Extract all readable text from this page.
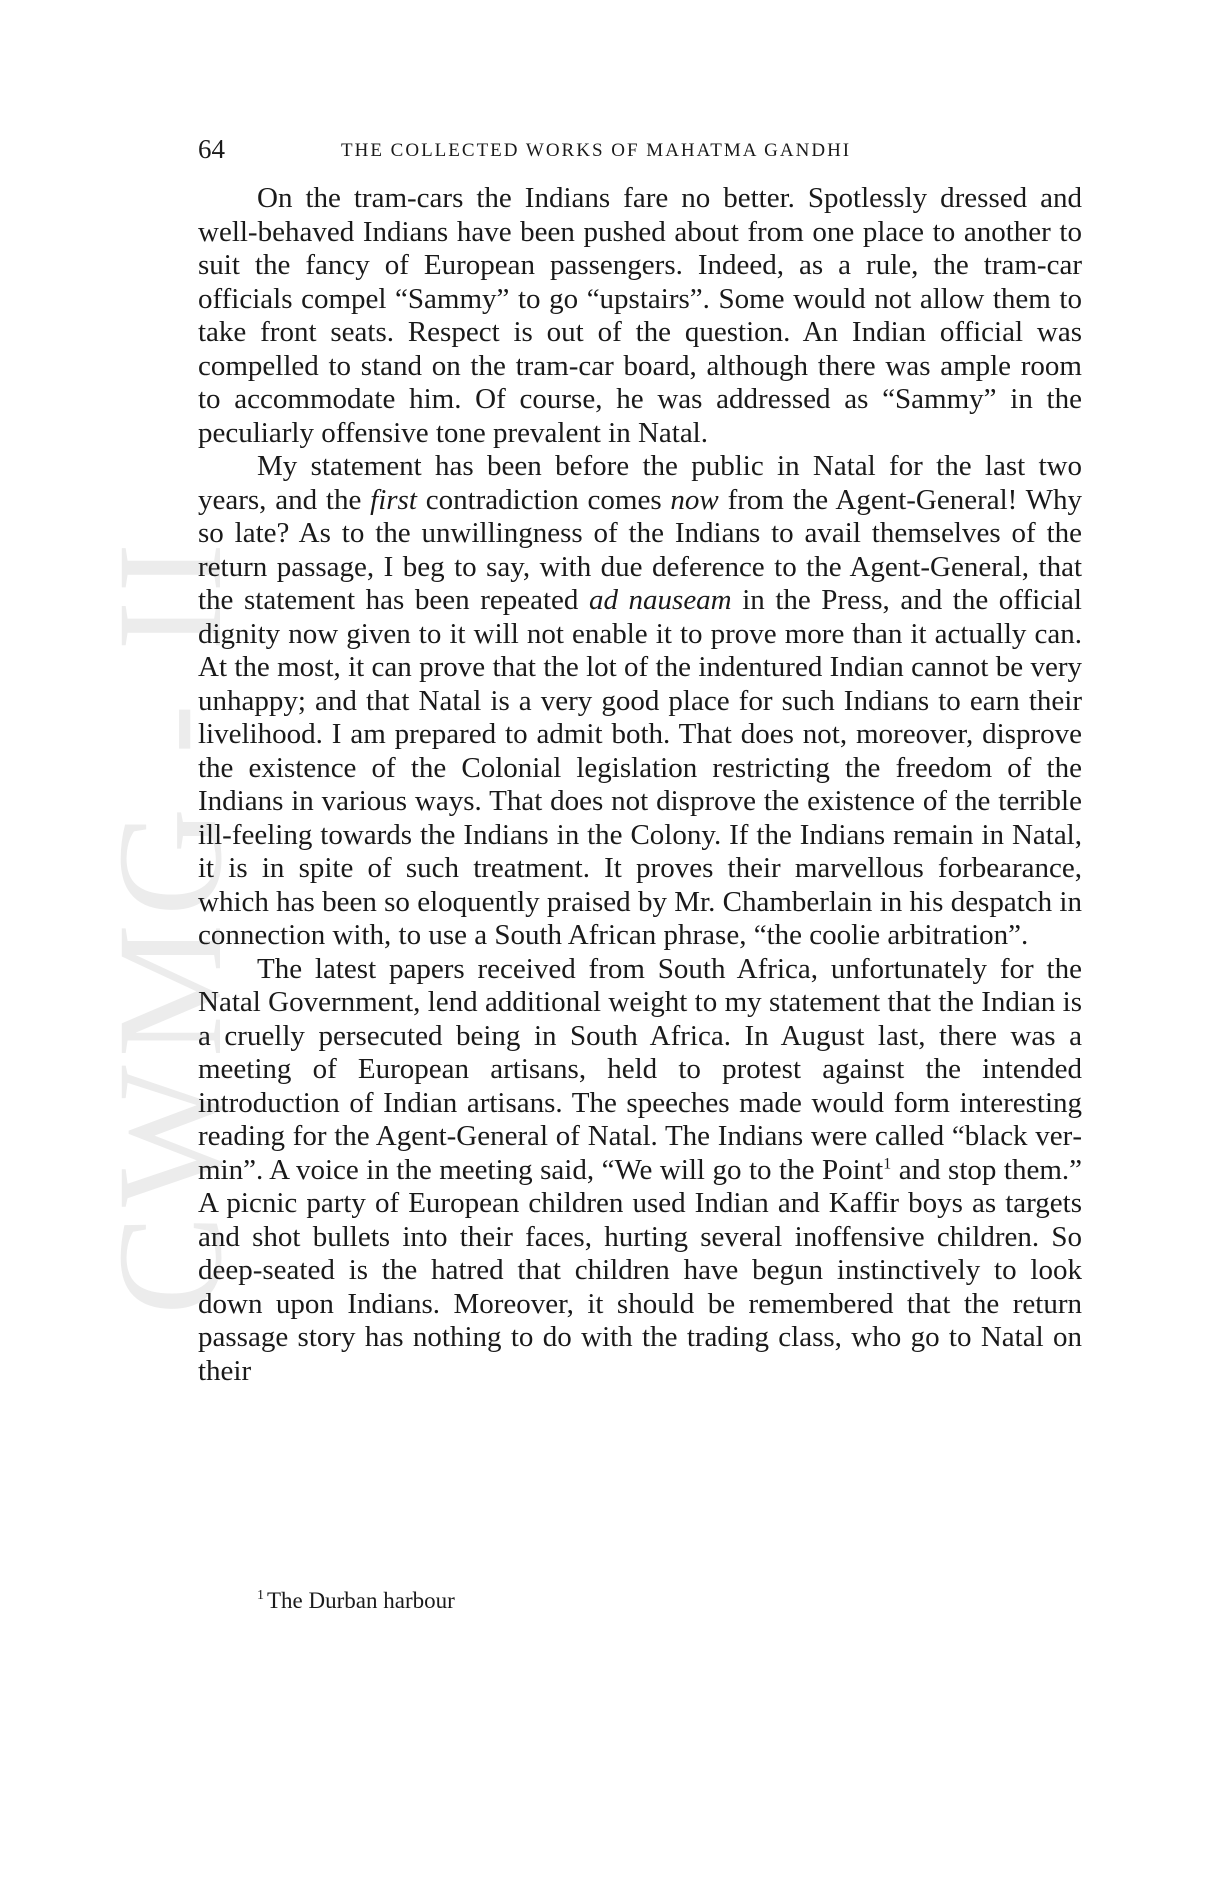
CWMG - II
64	THE COLLECTED WORKS OF MAHATMA GANDHI

On the tram-cars the Indians fare no better. Spotlessly dressed and well-behaved Indians have been pushed about from one place to another to suit the fancy of European passengers. Indeed, as a rule, the tram-car officials compel “Sammy” to go “upstairs”. Some would not allow them to take front seats. Respect is out of the question. An Indian official was compelled to stand on the tram-car board, although there was ample room to accommodate him. Of course, he was addressed as “Sammy” in the peculiarly offensive tone prevalent in Natal.

My statement has been before the public in Natal for the last two years, and the first contradiction comes now from the Agent-General! Why so late? As to the unwillingness of the Indians to avail themselves of the return passage, I beg to say, with due deference to the Agent-General, that the statement has been repeated ad nauseam in the Press, and the official dignity now given to it will not enable it to prove more than it actually can. At the most, it can prove that the lot of the indentured Indian cannot be very unhappy; and that Natal is a very good place for such Indians to earn their livelihood. I am prepared to admit both. That does not, moreover, disprove the existence of the Colonial legislation restricting the freedom of the Indians in various ways. That does not disprove the existence of the terrible ill-feeling towards the Indians in the Colony. If the Indians remain in Natal, it is in spite of such treatment. It proves their marvellous forbearance, which has been so eloquently praised by Mr. Chamberlain in his despatch in connection with, to use a South African phrase, “the coolie arbitration”.

The latest papers received from South Africa, unfortunately for the Natal Government, lend additional weight to my statement that the Indian is a cruelly persecuted being in South Africa. In August last, there was a meeting of European artisans, held to protest against the intended introduction of Indian artisans. The speeches made would form interesting reading for the Agent-General of Natal. The Indians were called “black vermin”. A voice in the meeting said, “We will go to the Point$^1$ and stop them.” A picnic party of European children used Indian and Kaffir boys as targets and shot bullets into their faces, hurting several inoffensive children. So deep-seated is the hatred that children have begun instinctively to look down upon Indians. Moreover, it should be remembered that the return passage story has nothing to do with the trading class, who go to Natal on their

$^1$ The Durban harbour
